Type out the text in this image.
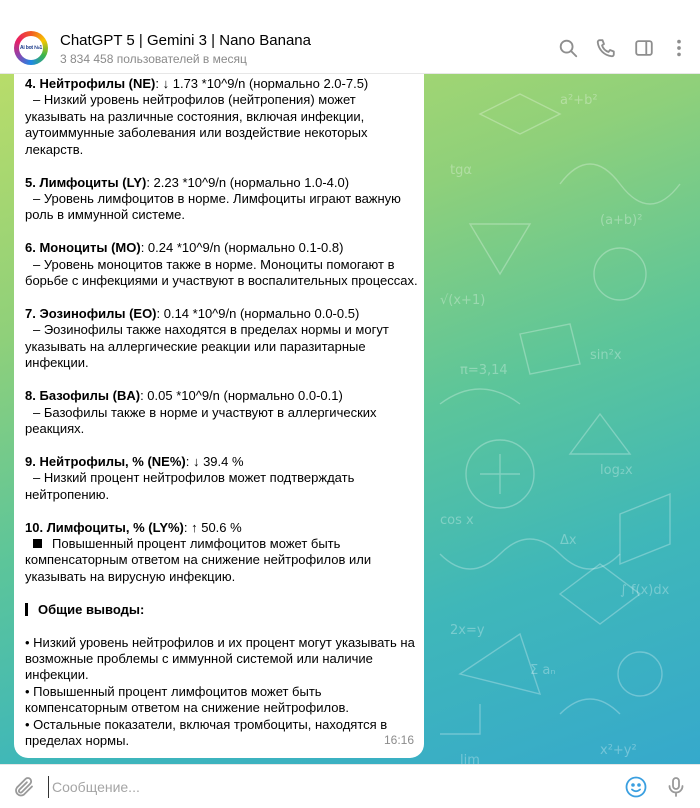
Ai bot №1 ChatGPT 5 | Gemini 3 | Nano Banana
3 834 458 пользователей в месяц
a²+b²
tgα
(a+b)²
√(x+1)
sin²x
π=3,14
log₂x
cos x
Δx
∫ f(x)dx
2x=y
Σ aₙ
x²+y²
lim
4. Нейтрофилы (NE): ↓ 1.73 *10^9/n (нормально 2.0-7.5)
– Низкий уровень нейтрофилов (нейтропения) может
указывать на различные состояния, включая инфекции,
аутоиммунные заболевания или воздействие некоторых
лекарств.
5. Лимфоциты (LY): 2.23 *10^9/n (нормально 1.0-4.0)
– Уровень лимфоцитов в норме. Лимфоциты играют важную
роль в иммунной системе.
6. Моноциты (MO): 0.24 *10^9/n (нормально 0.1-0.8)
– Уровень моноцитов также в норме. Моноциты помогают в
борьбе с инфекциями и участвуют в воспалительных процессах.
7. Эозинофилы (EO): 0.14 *10^9/n (нормально 0.0-0.5)
– Эозинофилы также находятся в пределах нормы и могут
указывать на аллергические реакции или паразитарные
инфекции.
8. Базофилы (BA): 0.05 *10^9/n (нормально 0.0-0.1)
– Базофилы также в норме и участвуют в аллергических
реакциях.
9. Нейтрофилы, % (NE%): ↓ 39.4 %
– Низкий процент нейтрофилов может подтверждать
нейтропению.
10. Лимфоциты, % (LY%): ↑ 50.6 %
Повышенный процент лимфоцитов может быть
компенсаторным ответом на снижение нейтрофилов или
указывать на вирусную инфекцию.
Общие выводы:
• Низкий уровень нейтрофилов и их процент могут указывать на
возможные проблемы с иммунной системой или наличие
инфекции.
• Повышенный процент лимфоцитов может быть
компенсаторным ответом на снижение нейтрофилов.
• Остальные показатели, включая тромбоциты, находятся в
пределах нормы.	16:16
Сообщение...
